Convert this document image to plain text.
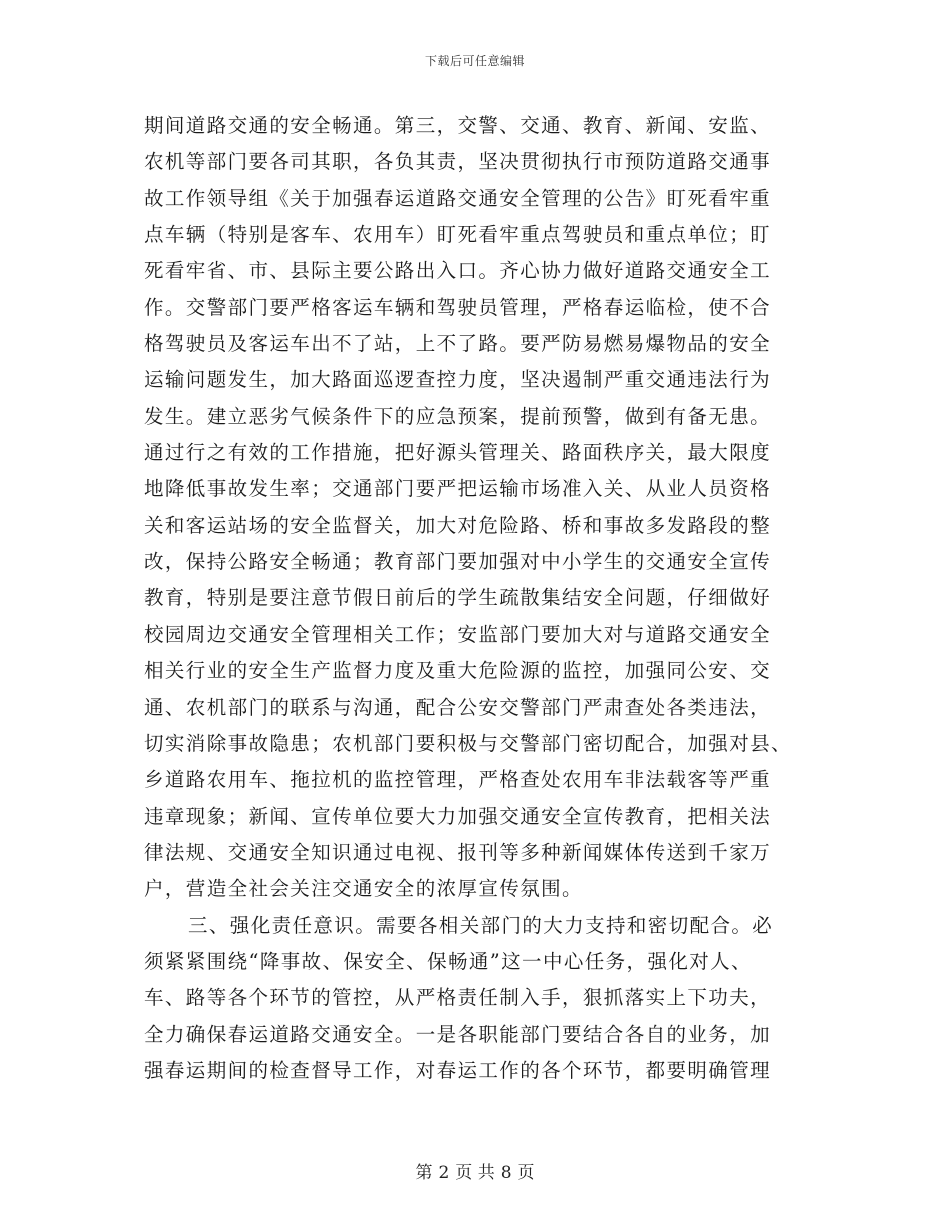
下载后可任意编辑
期间道路交通的安全畅通。第三，交警、交通、教育、新闻、安监、
农机等部门要各司其职，各负其责，坚决贯彻执行市预防道路交通事
故工作领导组《关于加强春运道路交通安全管理的公告》盯死看牢重
点车辆（特别是客车、农用车）盯死看牢重点驾驶员和重点单位；盯
死看牢省、市、县际主要公路出入口。齐心协力做好道路交通安全工
作。交警部门要严格客运车辆和驾驶员管理，严格春运临检，使不合
格驾驶员及客运车出不了站，上不了路。要严防易燃易爆物品的安全
运输问题发生，加大路面巡逻查控力度，坚决遏制严重交通违法行为
发生。建立恶劣气候条件下的应急预案，提前预警，做到有备无患。
通过行之有效的工作措施，把好源头管理关、路面秩序关，最大限度
地降低事故发生率；交通部门要严把运输市场准入关、从业人员资格
关和客运站场的安全监督关，加大对危险路、桥和事故多发路段的整
改，保持公路安全畅通；教育部门要加强对中小学生的交通安全宣传
教育，特别是要注意节假日前后的学生疏散集结安全问题，仔细做好
校园周边交通安全管理相关工作；安监部门要加大对与道路交通安全
相关行业的安全生产监督力度及重大危险源的监控，加强同公安、交
通、农机部门的联系与沟通，配合公安交警部门严肃查处各类违法，
切实消除事故隐患；农机部门要积极与交警部门密切配合，加强对县、
乡道路农用车、拖拉机的监控管理，严格查处农用车非法载客等严重
违章现象；新闻、宣传单位要大力加强交通安全宣传教育，把相关法
律法规、交通安全知识通过电视、报刊等多种新闻媒体传送到千家万
户，营造全社会关注交通安全的浓厚宣传氛围。
三、强化责任意识。需要各相关部门的大力支持和密切配合。必
须紧紧围绕“降事故、保安全、保畅通”这一中心任务，强化对人、
车、路等各个环节的管控，从严格责任制入手，狠抓落实上下功夫，
全力确保春运道路交通安全。一是各职能部门要结合各自的业务，加
强春运期间的检查督导工作，对春运工作的各个环节，都要明确管理
第 2 页 共 8 页
